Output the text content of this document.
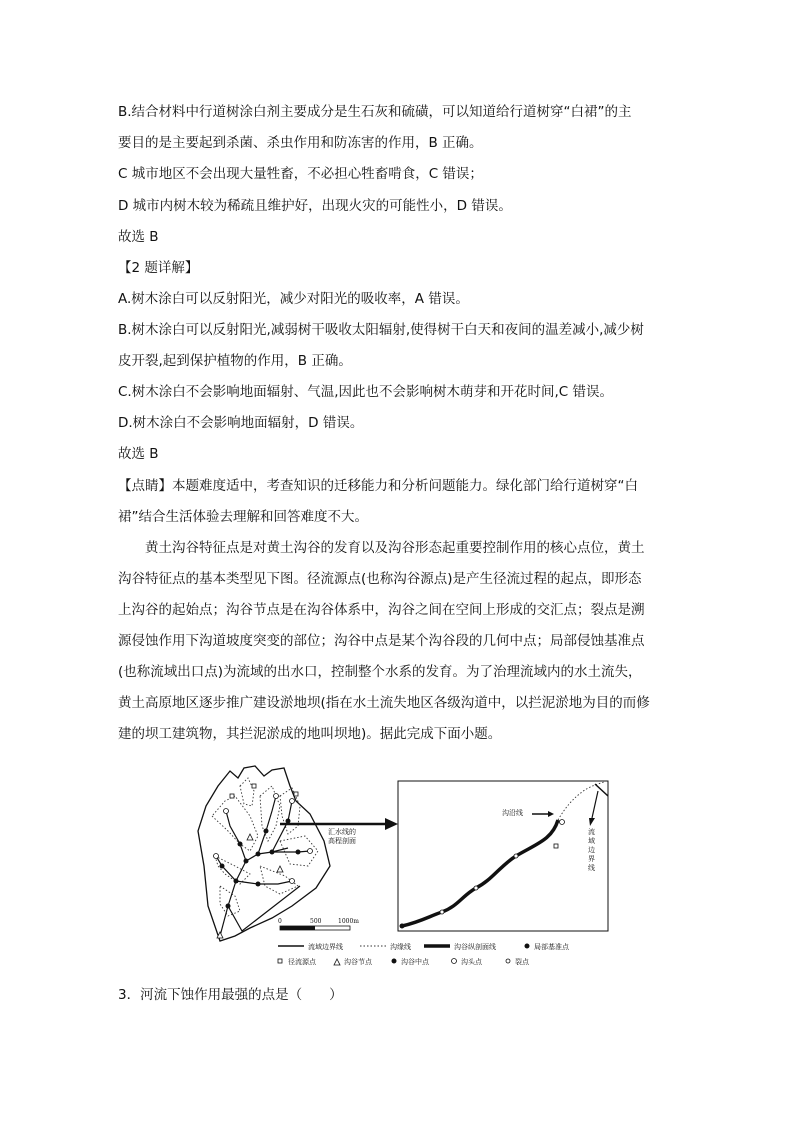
B.结合材料中行道树涂白剂主要成分是生石灰和硫磺，可以知道给行道树穿“白裙”的主
要目的是主要起到杀菌、杀虫作用和防冻害的作用，B 正确。
C 城市地区不会出现大量牲畜，不必担心牲畜啃食，C 错误；
D 城市内树木较为稀疏且维护好，出现火灾的可能性小，D 错误。
故选 B
【2 题详解】
A.树木涂白可以反射阳光，减少对阳光的吸收率，A 错误。
B.树木涂白可以反射阳光,减弱树干吸收太阳辐射,使得树干白天和夜间的温差减小,减少树
皮开裂,起到保护植物的作用，B 正确。
C.树木涂白不会影响地面辐射、气温,因此也不会影响树木萌芽和开花时间,C 错误。
D.树木涂白不会影响地面辐射，D 错误。
故选 B
【点睛】本题难度适中，考查知识的迁移能力和分析问题能力。绿化部门给行道树穿“白
裙”结合生活体验去理解和回答难度不大。
　　黄土沟谷特征点是对黄土沟谷的发育以及沟谷形态起重要控制作用的核心点位，黄土
沟谷特征点的基本类型见下图。径流源点(也称沟谷源点)是产生径流过程的起点，即形态
上沟谷的起始点；沟谷节点是在沟谷体系中，沟谷之间在空间上形成的交汇点；裂点是溯
源侵蚀作用下沟道坡度突变的部位；沟谷中点是某个沟谷段的几何中点；局部侵蚀基准点
(也称流域出口点)为流域的出水口，控制整个水系的发育。为了治理流域内的水土流失，
黄土高原地区逐步推广建设淤地坝(指在水土流失地区各级沟道中，以拦泥淤地为目的而修
建的坝工建筑物，其拦泥淤成的地叫坝地)。据此完成下面小题。
0	500	1000m
汇水线的
高程剖面
沟沿线
流
域
边
界
线
流域边界线	沟缘线	沟谷纵剖面线	局部基准点
径流源点	沟谷节点	沟谷中点	沟头点	裂点
3．河流下蚀作用最强的点是（　　）
